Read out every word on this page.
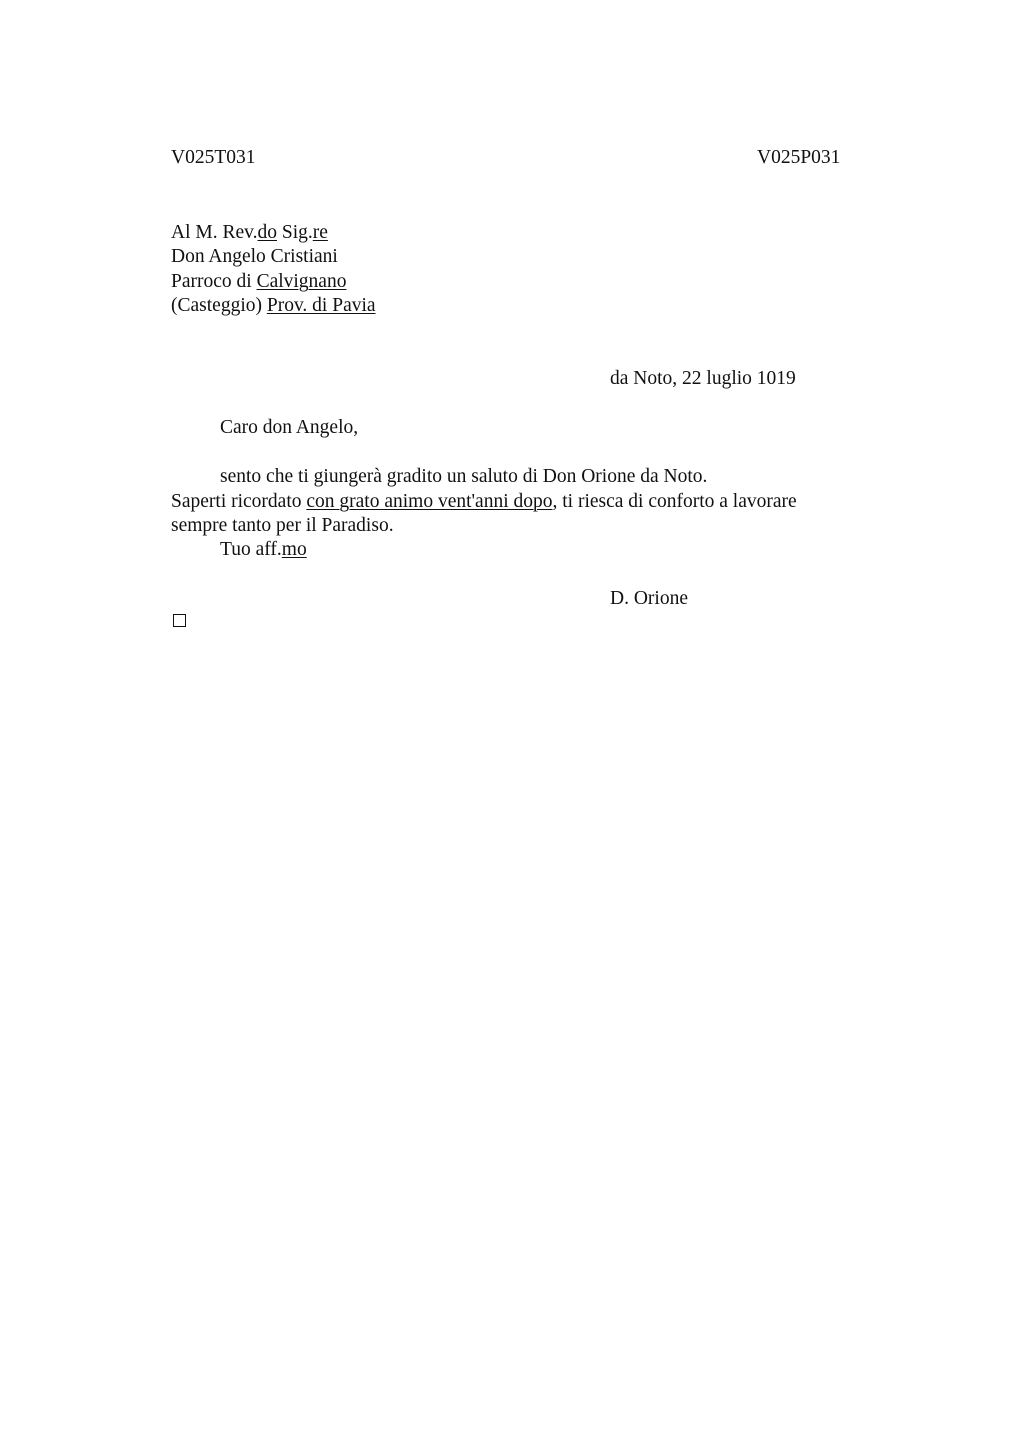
V025T031	V025P031
Al M. Rev.do Sig.re
Don Angelo Cristiani
Parroco di Calvignano
(Casteggio) Prov. di Pavia
da Noto, 22 luglio 1019
Caro don Angelo,
sento che ti giungerà gradito un saluto di Don Orione da Noto.
Saperti ricordato con grato animo vent'anni dopo, ti riesca di conforto a lavorare
sempre tanto per il Paradiso.
Tuo aff.mo
D. Orione
